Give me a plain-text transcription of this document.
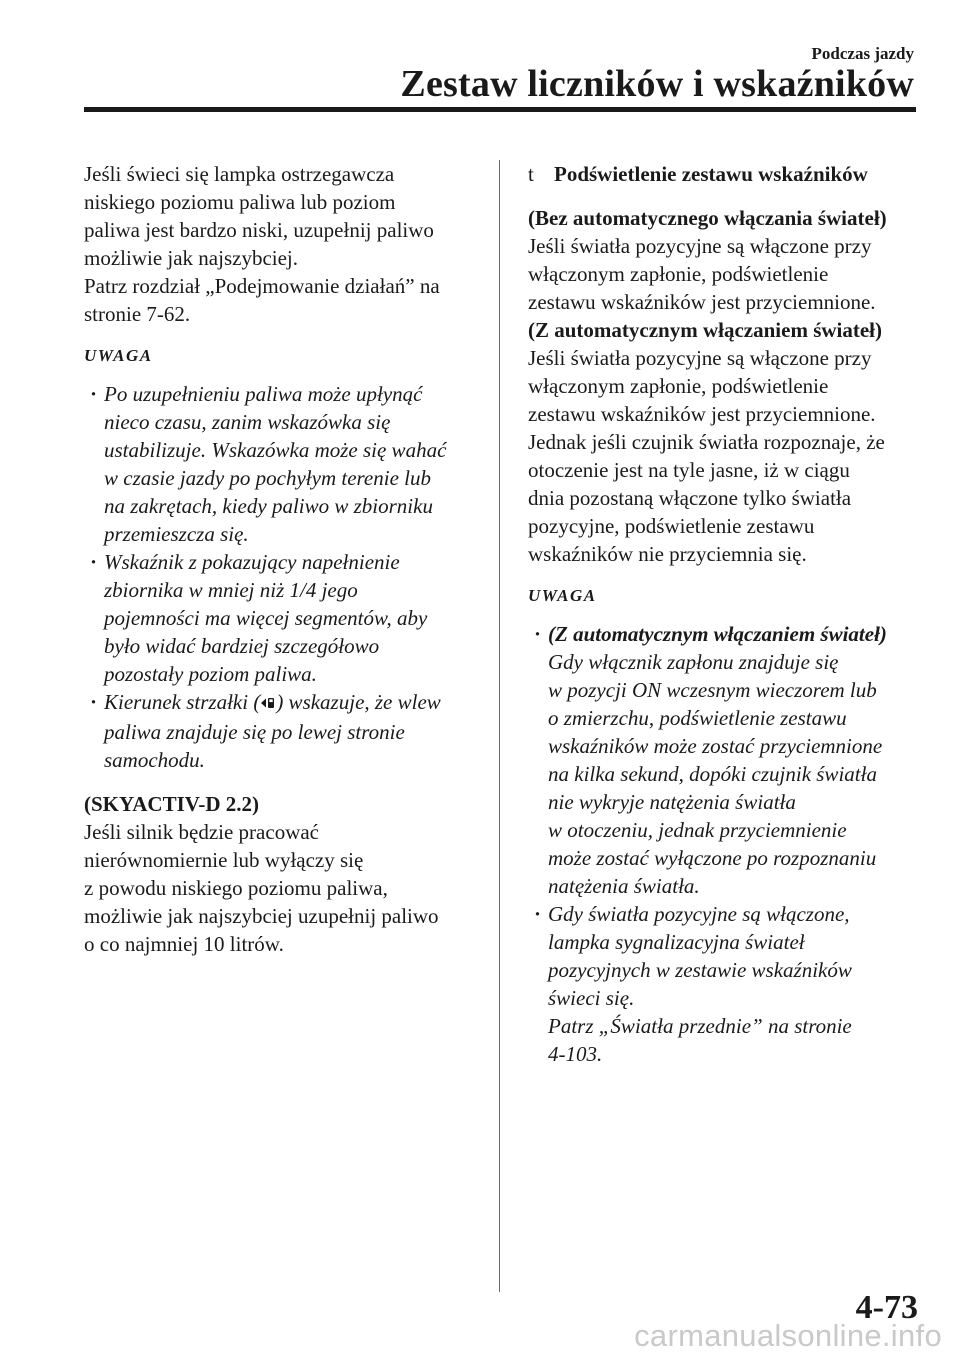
Podczas jazdy
Zestaw liczników i wskaźników

Jeśli świeci się lampka ostrzegawcza
niskiego poziomu paliwa lub poziom
paliwa jest bardzo niski, uzupełnij paliwo
możliwie jak najszybciej.
Patrz rozdział „Podejmowanie działań” na
stronie 7-62.

UWAGA
· Po uzupełnieniu paliwa może upłynąć
nieco czasu, zanim wskazówka się
ustabilizuje. Wskazówka może się wahać
w czasie jazdy po pochyłym terenie lub
na zakrętach, kiedy paliwo w zbiorniku
przemieszcza się.
· Wskaźnik z pokazujący napełnienie
zbiornika w mniej niż 1/4 jego
pojemności ma więcej segmentów, aby
było widać bardziej szczegółowo
pozostały poziom paliwa.
· Kierunek strzałki ( ) wskazuje, że wlew
paliwa znajduje się po lewej stronie
samochodu.

(SKYACTIV-D 2.2)

Jeśli silnik będzie pracować
nierównomiernie lub wyłączy się
z powodu niskiego poziomu paliwa,
możliwie jak najszybciej uzupełnij paliwo
o co najmniej 10 litrów.

t Podświetlenie zestawu wskaźników

(Bez automatycznego włączania świateł)

Jeśli światła pozycyjne są włączone przy
włączonym zapłonie, podświetlenie
zestawu wskaźników jest przyciemnione.

(Z automatycznym włączaniem świateł)

Jeśli światła pozycyjne są włączone przy
włączonym zapłonie, podświetlenie
zestawu wskaźników jest przyciemnione.
Jednak jeśli czujnik światła rozpoznaje, że
otoczenie jest na tyle jasne, iż w ciągu
dnia pozostaną włączone tylko światła
pozycyjne, podświetlenie zestawu
wskaźników nie przyciemnia się.

UWAGA
· (Z automatycznym włączaniem świateł)
Gdy włącznik zapłonu znajduje się
w pozycji ON wczesnym wieczorem lub
o zmierzchu, podświetlenie zestawu
wskaźników może zostać przyciemnione
na kilka sekund, dopóki czujnik światła
nie wykryje natężenia światła
w otoczeniu, jednak przyciemnienie
może zostać wyłączone po rozpoznaniu
natężenia światła.
· Gdy światła pozycyjne są włączone,
lampka sygnalizacyjna świateł
pozycyjnych w zestawie wskaźników
świeci się.
Patrz „Światła przednie” na stronie
4-103.
4-73
carmanualsonline.info
